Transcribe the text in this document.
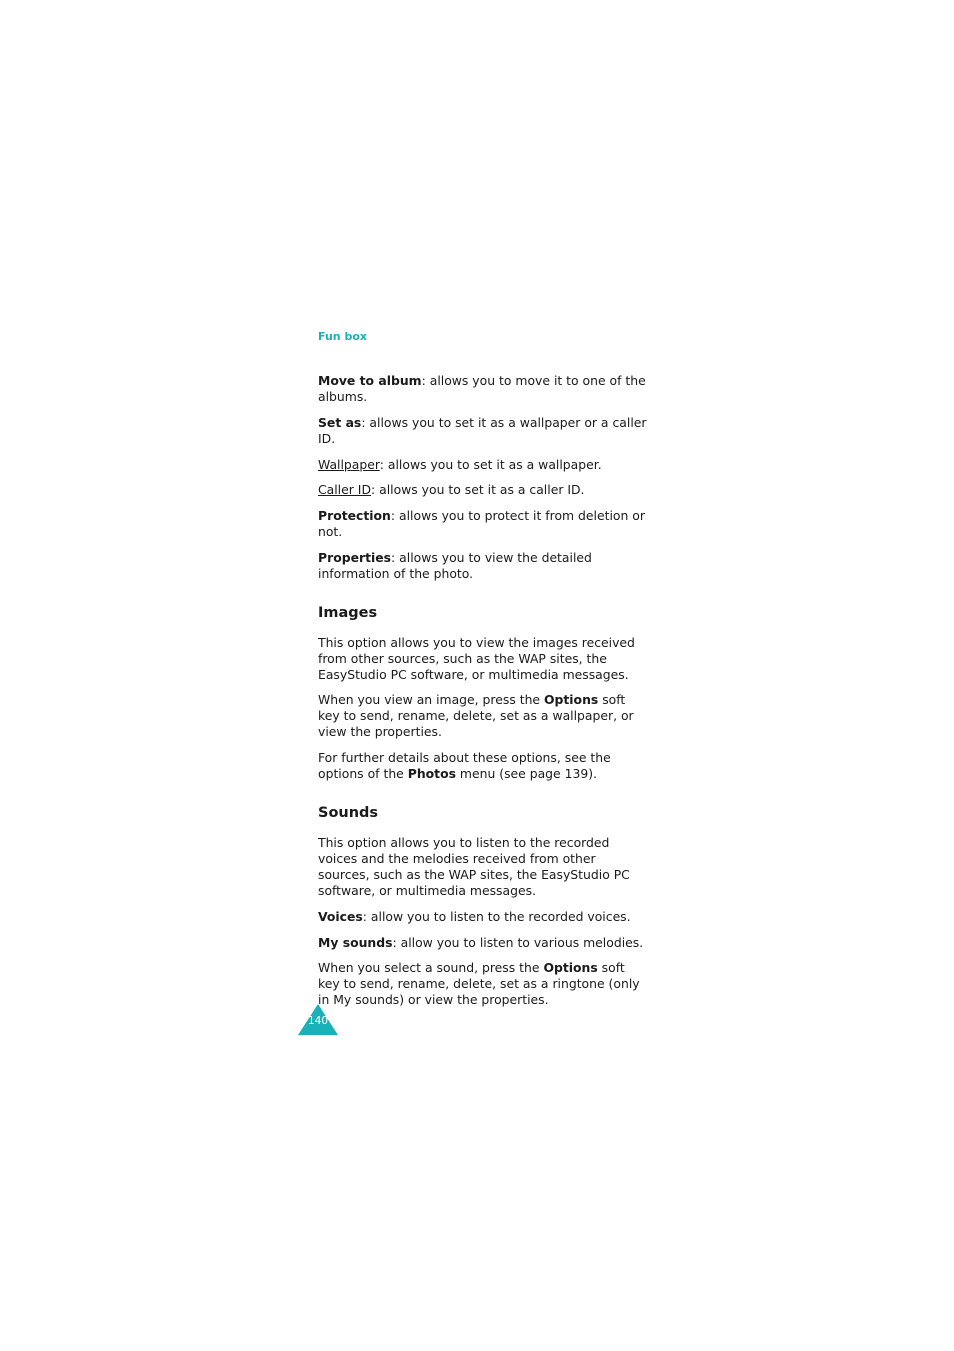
Fun box

Move to album: allows you to move it to one of the albums.

Set as: allows you to set it as a wallpaper or a caller ID.

Wallpaper: allows you to set it as a wallpaper.

Caller ID: allows you to set it as a caller ID.

Protection: allows you to protect it from deletion or not.

Properties: allows you to view the detailed information of the photo.

Images

This option allows you to view the images received from other sources, such as the WAP sites, the EasyStudio PC software, or multimedia messages.

When you view an image, press the Options soft key to send, rename, delete, set as a wallpaper, or view the properties.

For further details about these options, see the options of the Photos menu (see page 139).

Sounds

This option allows you to listen to the recorded voices and the melodies received from other sources, such as the WAP sites, the EasyStudio PC software, or multimedia messages.

Voices: allow you to listen to the recorded voices.

My sounds: allow you to listen to various melodies.

When you select a sound, press the Options soft key to send, rename, delete, set as a ringtone (only in My sounds) or view the properties.

140
